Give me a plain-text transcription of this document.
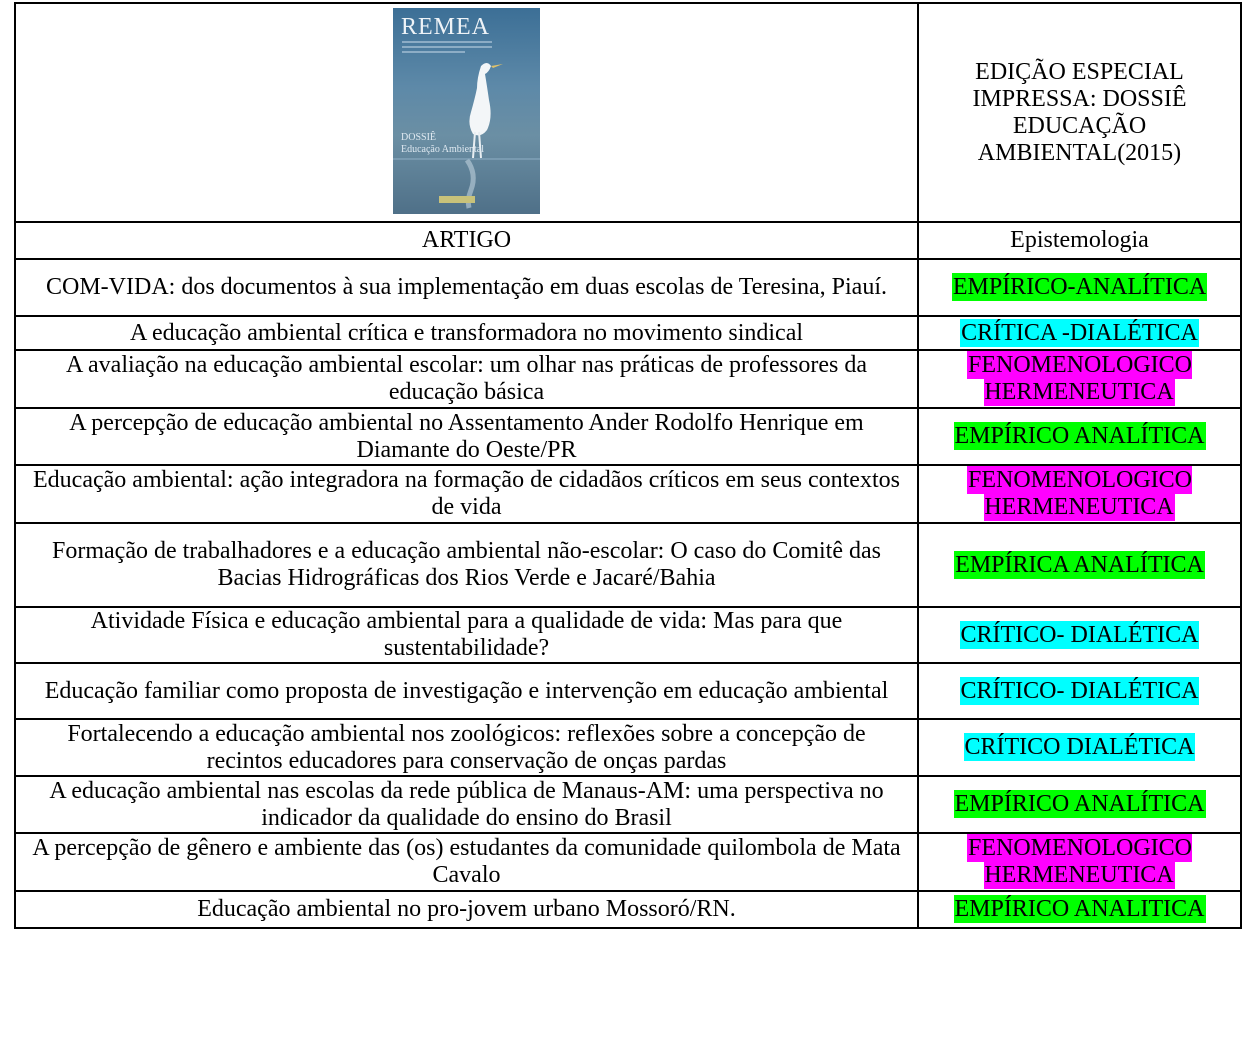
REMEA
DOSSIÊ
Educação Ambiental	EDIÇÃO ESPECIAL IMPRESSA: DOSSIÊ EDUCAÇÃO AMBIENTAL(2015)
ARTIGO	Epistemologia
COM-VIDA: dos documentos à sua implementação em duas escolas de Teresina, Piauí.	EMPÍRICO-ANALÍTICA
A educação ambiental crítica e transformadora no movimento sindical	CRÍTICA -DIALÉTICA
A avaliação na educação ambiental escolar: um olhar nas práticas de professores da educação básica	FENOMENOLOGICO HERMENEUTICA
A percepção de educação ambiental no Assentamento Ander Rodolfo Henrique em Diamante do Oeste/PR	EMPÍRICO ANALÍTICA
Educação ambiental: ação integradora na formação de cidadãos críticos em seus contextos de vida	FENOMENOLOGICO HERMENEUTICA
Formação de trabalhadores e a educação ambiental não-escolar: O caso do Comitê das Bacias Hidrográficas dos Rios Verde e Jacaré/Bahia	EMPÍRICA ANALÍTICA
Atividade Física e educação ambiental para a qualidade de vida: Mas para que sustentabilidade?	CRÍTICO- DIALÉTICA
Educação familiar como proposta de investigação e intervenção em educação ambiental	CRÍTICO- DIALÉTICA
Fortalecendo a educação ambiental nos zoológicos: reflexões sobre a concepção de recintos educadores para conservação de onças pardas	CRÍTICO DIALÉTICA
A educação ambiental nas escolas da rede pública de Manaus-AM: uma perspectiva no indicador da qualidade do ensino do Brasil	EMPÍRICO ANALÍTICA
A percepção de gênero e ambiente das (os) estudantes da comunidade quilombola de Mata Cavalo	FENOMENOLOGICO HERMENEUTICA
Educação ambiental no pro-jovem urbano Mossoró/RN.	EMPÍRICO ANALITICA
